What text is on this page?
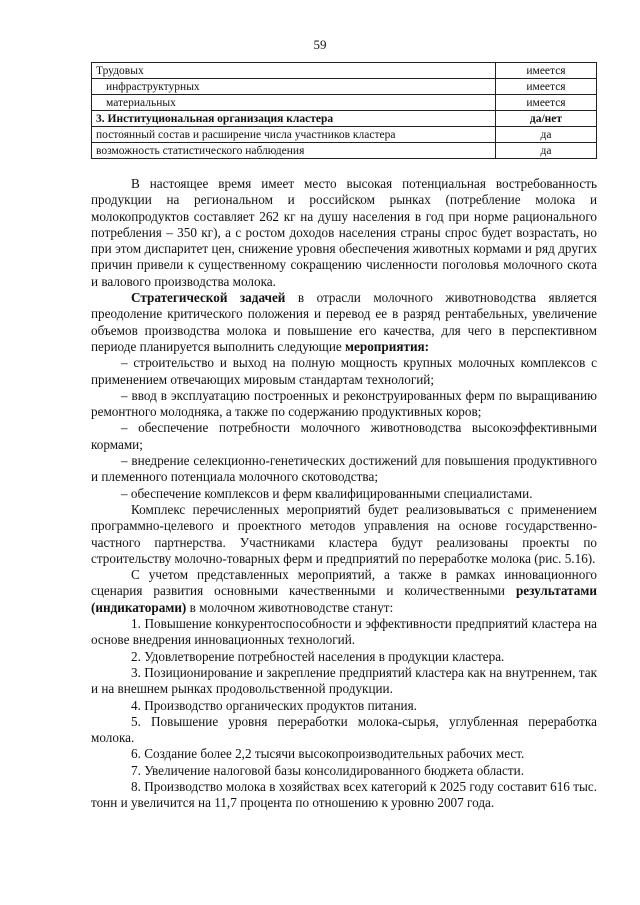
59
Трудовых	имеется
инфраструктурных	имеется
материальных	имеется
3. Институциональная организация кластера	да/нет
постоянный состав и расширение числа участников кластера	да
возможность статистического наблюдения	да

В настоящее время имеет место высокая потенциальная востребованность продукции на региональном и российском рынках (потребление молока и молокопродуктов составляет 262 кг на душу населения в год при норме рационального потребления – 350 кг), а с ростом доходов населения страны спрос будет возрастать, но при этом диспаритет цен, снижение уровня обеспечения животных кормами и ряд других причин привели к существенному сокращению численности поголовья молочного скота и валового производства молока.

Стратегической задачей в отрасли молочного животноводства является преодоление критического положения и перевод ее в разряд рентабельных, увеличение объемов производства молока и повышение его качества, для чего в перспективном периоде планируется выполнить следующие мероприятия:

– строительство и выход на полную мощность крупных молочных комплексов с применением отвечающих мировым стандартам технологий;

– ввод в эксплуатацию построенных и реконструированных ферм по выращиванию ремонтного молодняка, а также по содержанию продуктивных коров;

– обеспечение потребности молочного животноводства высокоэффективными кормами;

– внедрение селекционно-генетических достижений для повышения продуктивного и племенного потенциала молочного скотоводства;

– обеспечение комплексов и ферм квалифицированными специалистами.

Комплекс перечисленных мероприятий будет реализовываться с применением программно-целевого и проектного методов управления на основе государственно-частного партнерства. Участниками кластера будут реализованы проекты по строительству молочно-товарных ферм и предприятий по переработке молока (рис. 5.16).

С учетом представленных мероприятий, а также в рамках инновационного сценария развития основными качественными и количественными результатами (индикаторами) в молочном животноводстве станут:

1. Повышение конкурентоспособности и эффективности предприятий кластера на основе внедрения инновационных технологий.

2. Удовлетворение потребностей населения в продукции кластера.

3. Позиционирование и закрепление предприятий кластера как на внутреннем, так и на внешнем рынках продовольственной продукции.

4. Производство органических продуктов питания.

5. Повышение уровня переработки молока-сырья, углубленная переработка молока.

6. Создание более 2,2 тысячи высокопроизводительных рабочих мест.

7. Увеличение налоговой базы консолидированного бюджета области.

8. Производство молока в хозяйствах всех категорий к 2025 году составит 616 тыс. тонн и увеличится на 11,7 процента по отношению к уровню 2007 года.
